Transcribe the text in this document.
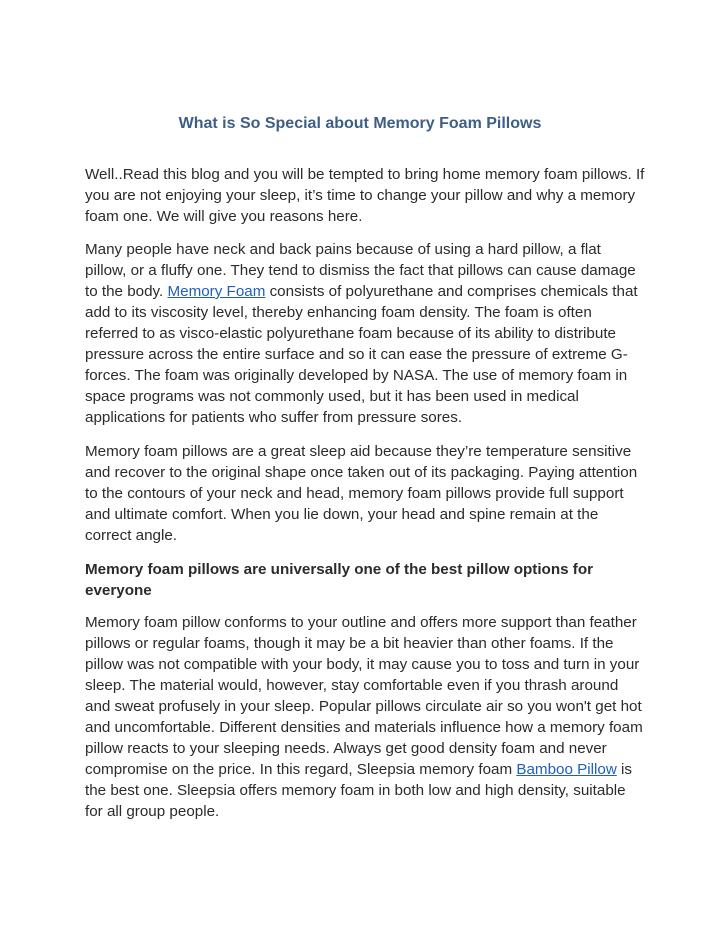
What is So Special about Memory Foam Pillows

Well..Read this blog and you will be tempted to bring home memory foam pillows. If you are not enjoying your sleep, it’s time to change your pillow and why a memory foam one. We will give you reasons here.

Many people have neck and back pains because of using a hard pillow, a flat pillow, or a fluffy one. They tend to dismiss the fact that pillows can cause damage to the body. Memory Foam consists of polyurethane and comprises chemicals that add to its viscosity level, thereby enhancing foam density. The foam is often referred to as visco-elastic polyurethane foam because of its ability to distribute pressure across the entire surface and so it can ease the pressure of extreme G-forces. The foam was originally developed by NASA. The use of memory foam in space programs was not commonly used, but it has been used in medical applications for patients who suffer from pressure sores.

Memory foam pillows are a great sleep aid because they’re temperature sensitive and recover to the original shape once taken out of its packaging. Paying attention to the contours of your neck and head, memory foam pillows provide full support and ultimate comfort. When you lie down, your head and spine remain at the correct angle.

Memory foam pillows are universally one of the best pillow options for everyone

Memory foam pillow conforms to your outline and offers more support than feather pillows or regular foams, though it may be a bit heavier than other foams. If the pillow was not compatible with your body, it may cause you to toss and turn in your sleep. The material would, however, stay comfortable even if you thrash around and sweat profusely in your sleep. Popular pillows circulate air so you won't get hot and uncomfortable. Different densities and materials influence how a memory foam pillow reacts to your sleeping needs. Always get good density foam and never compromise on the price. In this regard, Sleepsia memory foam Bamboo Pillow is the best one. Sleepsia offers memory foam in both low and high density, suitable for all group people.
